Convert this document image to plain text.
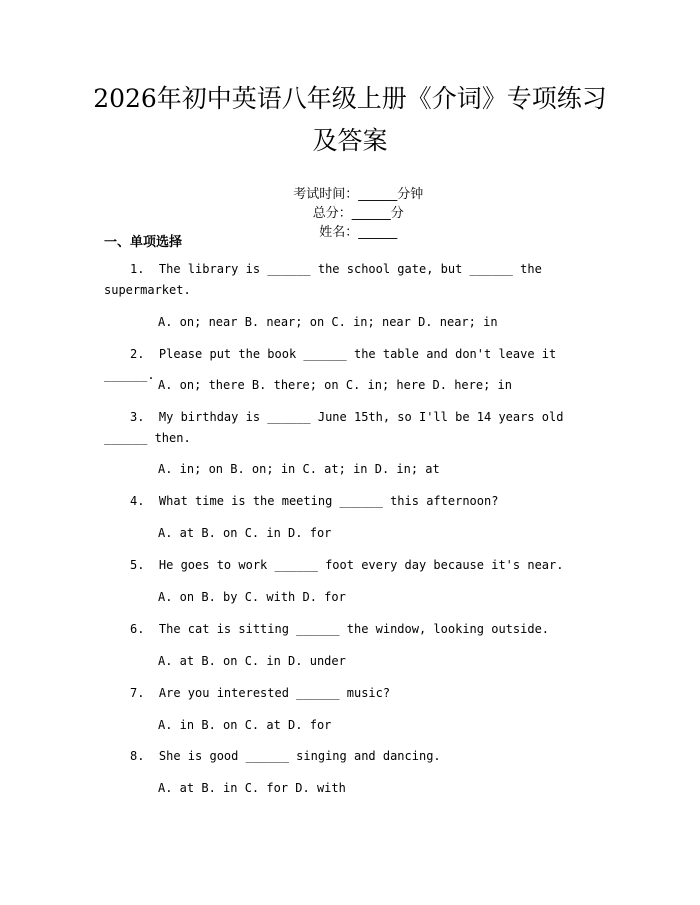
2026年初中英语八年级上册《介词》专项练习及答案

考试时间：______分钟
总分：______分
姓名：______

一、单项选择
1.  The library is ______ the school gate, but ______ the supermarket.
A. on; near B. near; on C. in; near D. near; in
2.  Please put the book ______ the table and don't leave it ______.
A. on; there B. there; on C. in; here D. here; in
3.  My birthday is ______ June 15th, so I'll be 14 years old ______ then.
A. in; on B. on; in C. at; in D. in; at
4.  What time is the meeting ______ this afternoon?
A. at B. on C. in D. for
5.  He goes to work ______ foot every day because it's near.
A. on B. by C. with D. for
6.  The cat is sitting ______ the window, looking outside.
A. at B. on C. in D. under
7.  Are you interested ______ music?
A. in B. on C. at D. for
8.  She is good ______ singing and dancing.
A. at B. in C. for D. with
